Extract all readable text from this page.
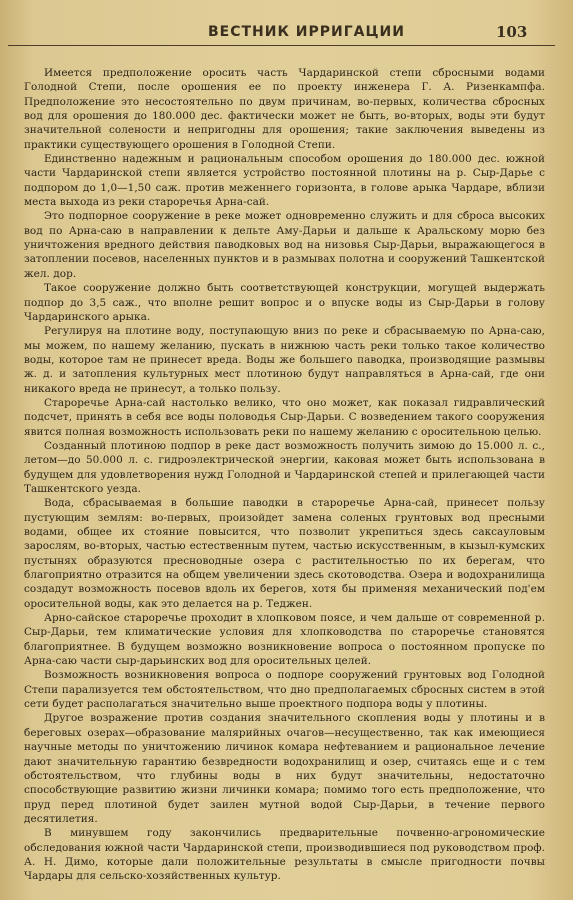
ВЕСТНИК ИРРИГАЦИИ	103

Имеется предположение оросить часть Чардаринской степи сбросными водами Голодной Степи, после орошения ее по проекту инженера Г. А. Ризенкампфа. Предположение это несостоятельно по двум причинам, во-первых, количества сбросных вод для орошения до 180.000 дес. фактически может не быть, во-вторых, воды эти будут значительной солености и непригодны для орошения; такие заключения выведены из практики существующего орошения в Голодной Степи.

Единственно надежным и рациональным способом орошения до 180.000 дес. южной части Чардаринской степи является устройство постоянной плотины на р. Сыр-Дарье с подпором до 1,0—1,50 саж. против меженнего горизонта, в голове арыка Чардаре, вблизи места выхода из реки староречья Арна-сай.

Это подпорное сооружение в реке может одновременно служить и для сброса высоких вод по Арна-саю в направлении к дельте Аму-Дарьи и дальше к Аральскому морю без уничтожения вредного действия паводковых вод на низовья Сыр-Дарьи, выражающегося в затоплении посевов, населенных пунктов и в размывах полотна и сооружений Ташкентской жел. дор.

Такое сооружение должно быть соответствующей конструкции, могущей выдержать подпор до 3,5 саж., что вполне решит вопрос и о впуске воды из Сыр-Дарьи в голову Чардаринского арыка.

Регулируя на плотине воду, поступающую вниз по реке и сбрасываемую по Арна-саю, мы можем, по нашему желанию, пускать в нижнюю часть реки только такое количество воды, которое там не принесет вреда. Воды же большего паводка, производящие размывы ж. д. и затопления культурных мест плотиною будут направляться в Арна-сай, где они никакого вреда не принесут, а только пользу.

Староречье Арна-сай настолько велико, что оно может, как показал гидравлический подсчет, принять в себя все воды половодья Сыр-Дарьи. С возведением такого сооружения явится полная возможность использовать реки по нашему желанию с оросительною целью.

Созданный плотиною подпор в реке даст возможность получить зимою до 15.000 л. с., летом—до 50.000 л. с. гидроэлектрической энергии, каковая может быть использована в будущем для удовлетворения нужд Голодной и Чардаринской степей и прилегающей части Ташкентского уезда.

Вода, сбрасываемая в большие паводки в староречье Арна-сай, принесет пользу пустующим землям: во-первых, произойдет замена соленых грунтовых вод пресными водами, общее их стояние повысится, что позволит укрепиться здесь саксауловым зарослям, во-вторых, частью естественным путем, частью искусственным, в кызыл-кумских пустынях образуются пресноводные озера с растительностью по их берегам, что благоприятно отразится на общем увеличении здесь скотоводства. Озера и водохранилища создадут возможность посевов вдоль их берегов, хотя бы применяя механический под'ем оросительной воды, как это делается на р. Теджен.

Арно-сайское староречье проходит в хлопковом поясе, и чем дальше от современной р. Сыр-Дарьи, тем климатические условия для хлопководства по староречье становятся благоприятнее. В будущем возможно возникновение вопроса о постоянном пропуске по Арна-саю части сыр-дарьинских вод для оросительных целей.

Возможность возникновения вопроса о подпоре сооружений грунтовых вод Голодной Степи парализуется тем обстоятельством, что дно предполагаемых сбросных систем в этой сети будет располагаться значительно выше проектного подпора воды у плотины.

Другое возражение против создания значительного скопления воды у плотины и в береговых озерах—образование малярийных очагов—несущественно, так как имеющиеся научные методы по уничтожению личинок комара нефтеванием и рациональное лечение дают значительную гарантию безвредности водохранилищ и озер, считаясь еще и с тем обстоятельством, что глубины воды в них будут значительны, недостаточно способствующие развитию жизни личинки комара; помимо того есть предположение, что пруд перед плотиной будет заилен мутной водой Сыр-Дарьи, в течение первого десятилетия.

В минувшем году закончились предварительные почвенно-агрономические обследования южной части Чардаринской степи, производившиеся под руководством проф. А. Н. Димо, которые дали положительные результаты в смысле пригодности почвы Чардары для сельско-хозяйственных культур.
